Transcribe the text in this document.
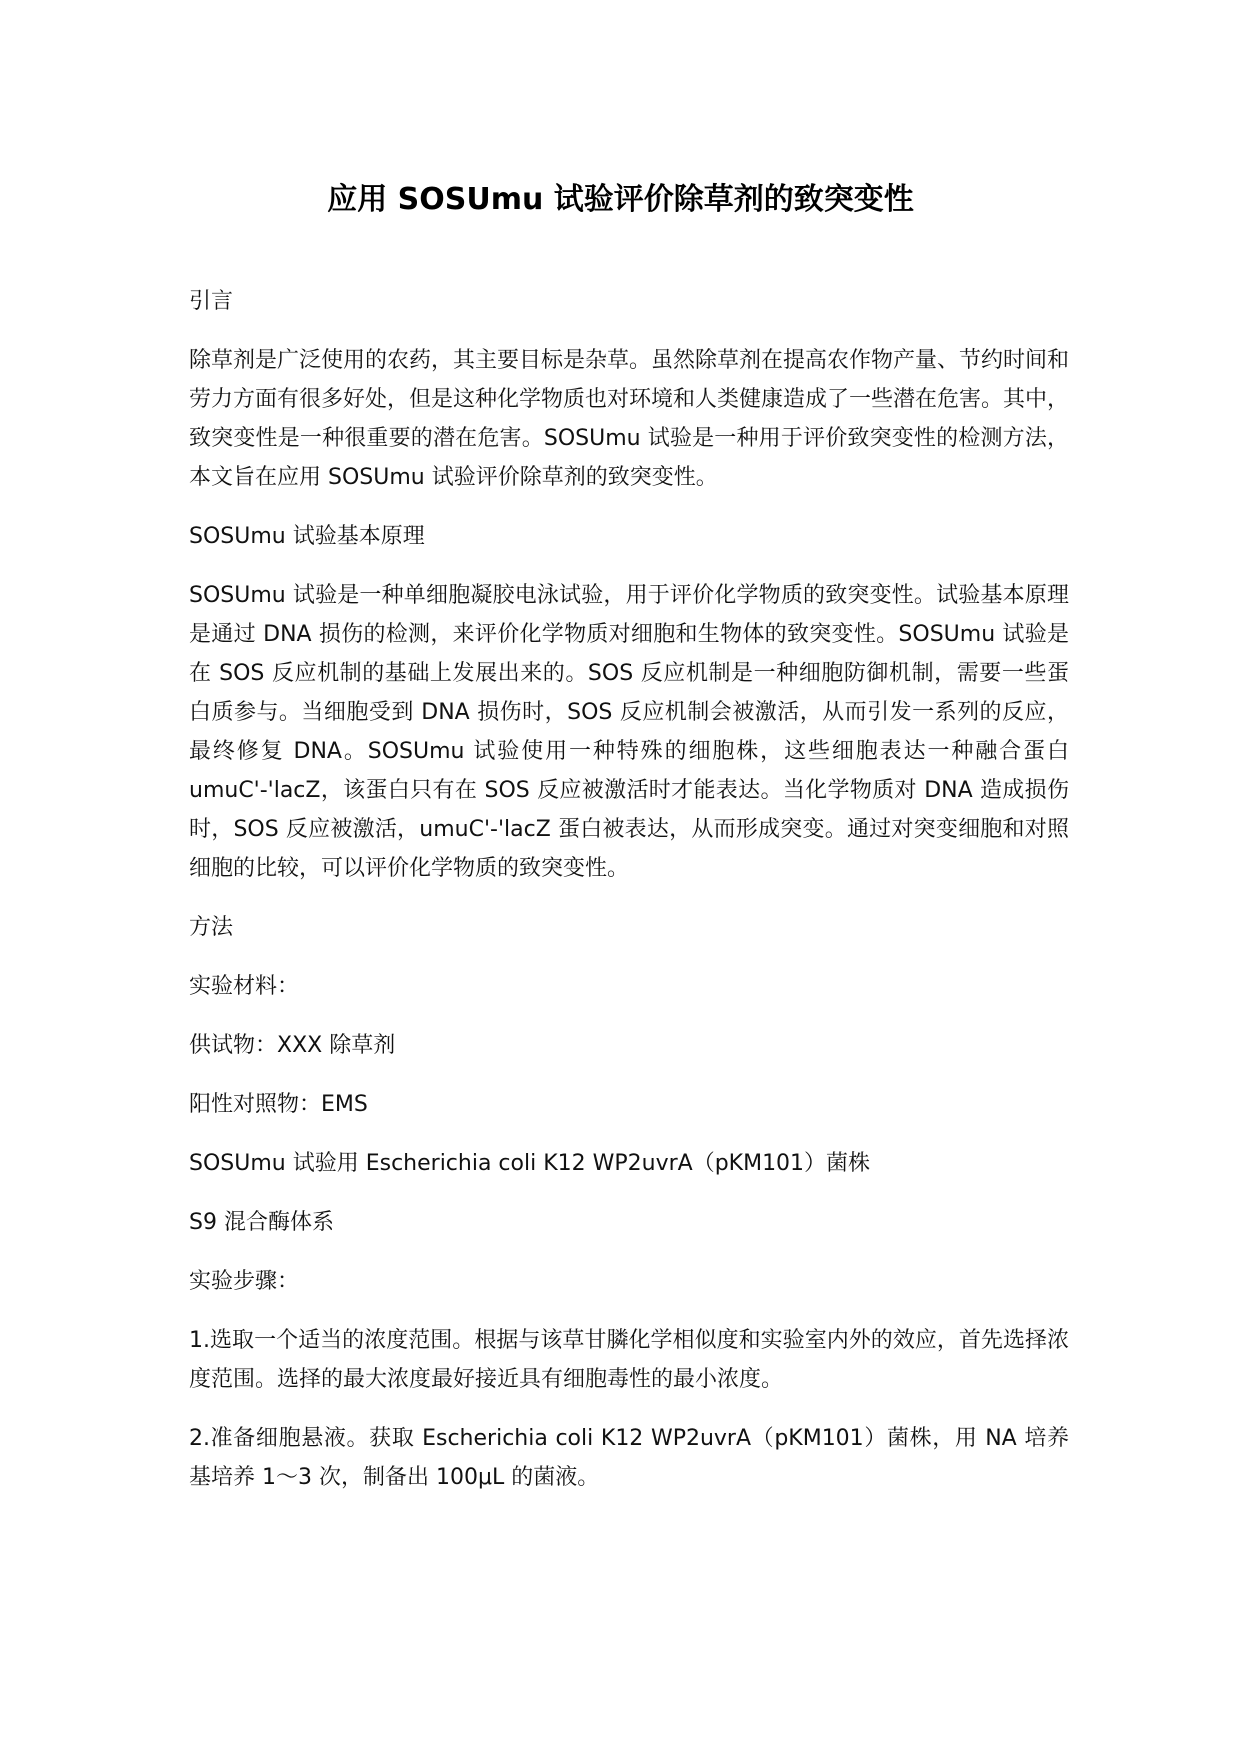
应用 SOSUmu 试验评价除草剂的致突变性

引言

除草剂是广泛使用的农药，其主要目标是杂草。虽然除草剂在提高农作物产量、节约时间和劳力方面有很多好处，但是这种化学物质也对环境和人类健康造成了一些潜在危害。其中，致突变性是一种很重要的潜在危害。SOSUmu 试验是一种用于评价致突变性的检测方法，本文旨在应用 SOSUmu 试验评价除草剂的致突变性。

SOSUmu 试验基本原理

SOSUmu 试验是一种单细胞凝胶电泳试验，用于评价化学物质的致突变性。试验基本原理是通过 DNA 损伤的检测，来评价化学物质对细胞和生物体的致突变性。SOSUmu 试验是在 SOS 反应机制的基础上发展出来的。SOS 反应机制是一种细胞防御机制，需要一些蛋白质参与。当细胞受到 DNA 损伤时，SOS 反应机制会被激活，从而引发一系列的反应，最终修复 DNA。SOSUmu 试验使用一种特殊的细胞株，这些细胞表达一种融合蛋白 umuC'-'lacZ，该蛋白只有在 SOS 反应被激活时才能表达。当化学物质对 DNA 造成损伤时，SOS 反应被激活，umuC'-'lacZ 蛋白被表达，从而形成突变。通过对突变细胞和对照细胞的比较，可以评价化学物质的致突变性。

方法

实验材料：

供试物：XXX 除草剂

阳性对照物：EMS

SOSUmu 试验用 Escherichia coli K12 WP2uvrA（pKM101）菌株

S9 混合酶体系

实验步骤：

1.选取一个适当的浓度范围。根据与该草甘膦化学相似度和实验室内外的效应，首先选择浓度范围。选择的最大浓度最好接近具有细胞毒性的最小浓度。

2.准备细胞悬液。获取 Escherichia coli K12 WP2uvrA（pKM101）菌株，用 NA 培养基培养 1～3 次，制备出 100μL 的菌液。
